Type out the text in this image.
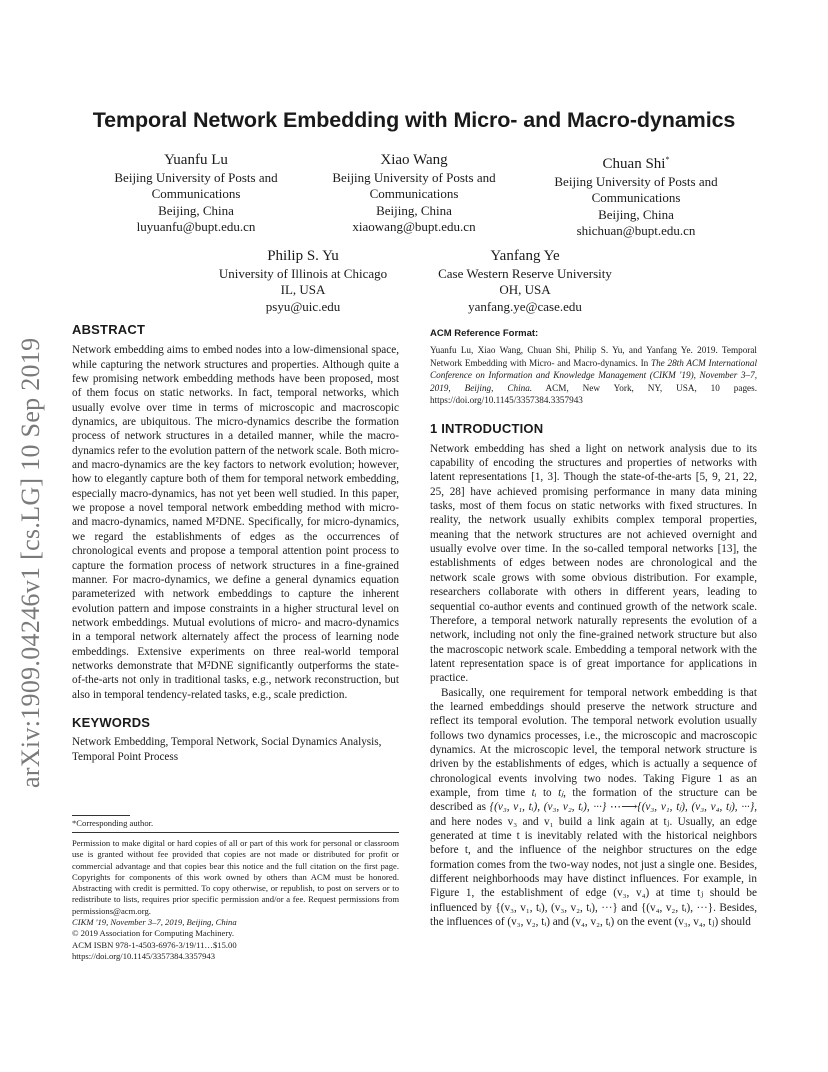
Temporal Network Embedding with Micro- and Macro-dynamics
Yuanfu Lu
Beijing University of Posts and
Communications
Beijing, China
luyuanfu@bupt.edu.cn
Xiao Wang
Beijing University of Posts and
Communications
Beijing, China
xiaowang@bupt.edu.cn
Chuan Shi*
Beijing University of Posts and
Communications
Beijing, China
shichuan@bupt.edu.cn
Philip S. Yu
University of Illinois at Chicago
IL, USA
psyu@uic.edu
Yanfang Ye
Case Western Reserve University
OH, USA
yanfang.ye@case.edu
arXiv:1909.04246v1 [cs.LG] 10 Sep 2019
ABSTRACT

Network embedding aims to embed nodes into a low-dimensional space, while capturing the network structures and properties. Although quite a few promising network embedding methods have been proposed, most of them focus on static networks. In fact, temporal networks, which usually evolve over time in terms of microscopic and macroscopic dynamics, are ubiquitous. The micro-dynamics describe the formation process of network structures in a detailed manner, while the macro-dynamics refer to the evolution pattern of the network scale. Both micro- and macro-dynamics are the key factors to network evolution; however, how to elegantly capture both of them for temporal network embedding, especially macro-dynamics, has not yet been well studied. In this paper, we propose a novel temporal network embedding method with micro- and macro-dynamics, named M²DNE. Specifically, for micro-dynamics, we regard the establishments of edges as the occurrences of chronological events and propose a temporal attention point process to capture the formation process of network structures in a fine-grained manner. For macro-dynamics, we define a general dynamics equation parameterized with network embeddings to capture the inherent evolution pattern and impose constraints in a higher structural level on network embeddings. Mutual evolutions of micro- and macro-dynamics in a temporal network alternately affect the process of learning node embeddings. Extensive experiments on three real-world temporal networks demonstrate that M²DNE significantly outperforms the state-of-the-arts not only in traditional tasks, e.g., network reconstruction, but also in temporal tendency-related tasks, e.g., scale prediction.

KEYWORDS

Network Embedding, Temporal Network, Social Dynamics Analysis, Temporal Point Process

*Corresponding author.

Permission to make digital or hard copies of all or part of this work for personal or classroom use is granted without fee provided that copies are not made or distributed for profit or commercial advantage and that copies bear this notice and the full citation on the first page. Copyrights for components of this work owned by others than ACM must be honored. Abstracting with credit is permitted. To copy otherwise, or republish, to post on servers or to redistribute to lists, requires prior specific permission and/or a fee. Request permissions from permissions@acm.org.

CIKM '19, November 3–7, 2019, Beijing, China

© 2019 Association for Computing Machinery.

ACM ISBN 978-1-4503-6976-3/19/11…$15.00

https://doi.org/10.1145/3357384.3357943

ACM Reference Format:

Yuanfu Lu, Xiao Wang, Chuan Shi, Philip S. Yu, and Yanfang Ye. 2019. Temporal Network Embedding with Micro- and Macro-dynamics. In The 28th ACM International Conference on Information and Knowledge Management (CIKM '19), November 3–7, 2019, Beijing, China. ACM, New York, NY, USA, 10 pages. https://doi.org/10.1145/3357384.3357943

1 INTRODUCTION

Network embedding has shed a light on network analysis due to its capability of encoding the structures and properties of networks with latent representations [1, 3]. Though the state-of-the-arts [5, 9, 21, 22, 25, 28] have achieved promising performance in many data mining tasks, most of them focus on static networks with fixed structures. In reality, the network usually exhibits complex temporal properties, meaning that the network structures are not achieved overnight and usually evolve over time. In the so-called temporal networks [13], the establishments of edges between nodes are chronological and the network scale grows with some obvious distribution. For example, researchers collaborate with others in different years, leading to sequential co-author events and continued growth of the network scale. Therefore, a temporal network naturally represents the evolution of a network, including not only the fine-grained network structure but also the macroscopic network scale. Embedding a temporal network with the latent representation space is of great importance for applications in practice.

Basically, one requirement for temporal network embedding is that the learned embeddings should preserve the network structure and reflect its temporal evolution. The temporal network evolution usually follows two dynamics processes, i.e., the microscopic and macroscopic dynamics. At the microscopic level, the temporal network structure is driven by the establishments of edges, which is actually a sequence of chronological events involving two nodes. Taking Figure 1 as an example, from time tᵢ to tⱼ, the formation of the structure can be described as {(v₃, v₁, tᵢ), (v₃, v₂, tᵢ), ···} ⋯⟶{(v₃, v₁, tⱼ), (v₃, v₄, tⱼ), ···}, and here nodes v₃ and v₁ build a link again at tⱼ. Usually, an edge generated at time t is inevitably related with the historical neighbors before t, and the influence of the neighbor structures on the edge formation comes from the two-way nodes, not just a single one. Besides, different neighborhoods may have distinct influences. For example, in Figure 1, the establishment of edge (v₃, v₄) at time tⱼ should be influenced by {(v₃, v₁, tᵢ), (v₃, v₂, tᵢ), ···} and {(v₄, v₂, tᵢ), ···}. Besides, the influences of (v₃, v₂, tᵢ) and (v₄, v₂, tᵢ) on the event (v₃, v₄, tⱼ) should
